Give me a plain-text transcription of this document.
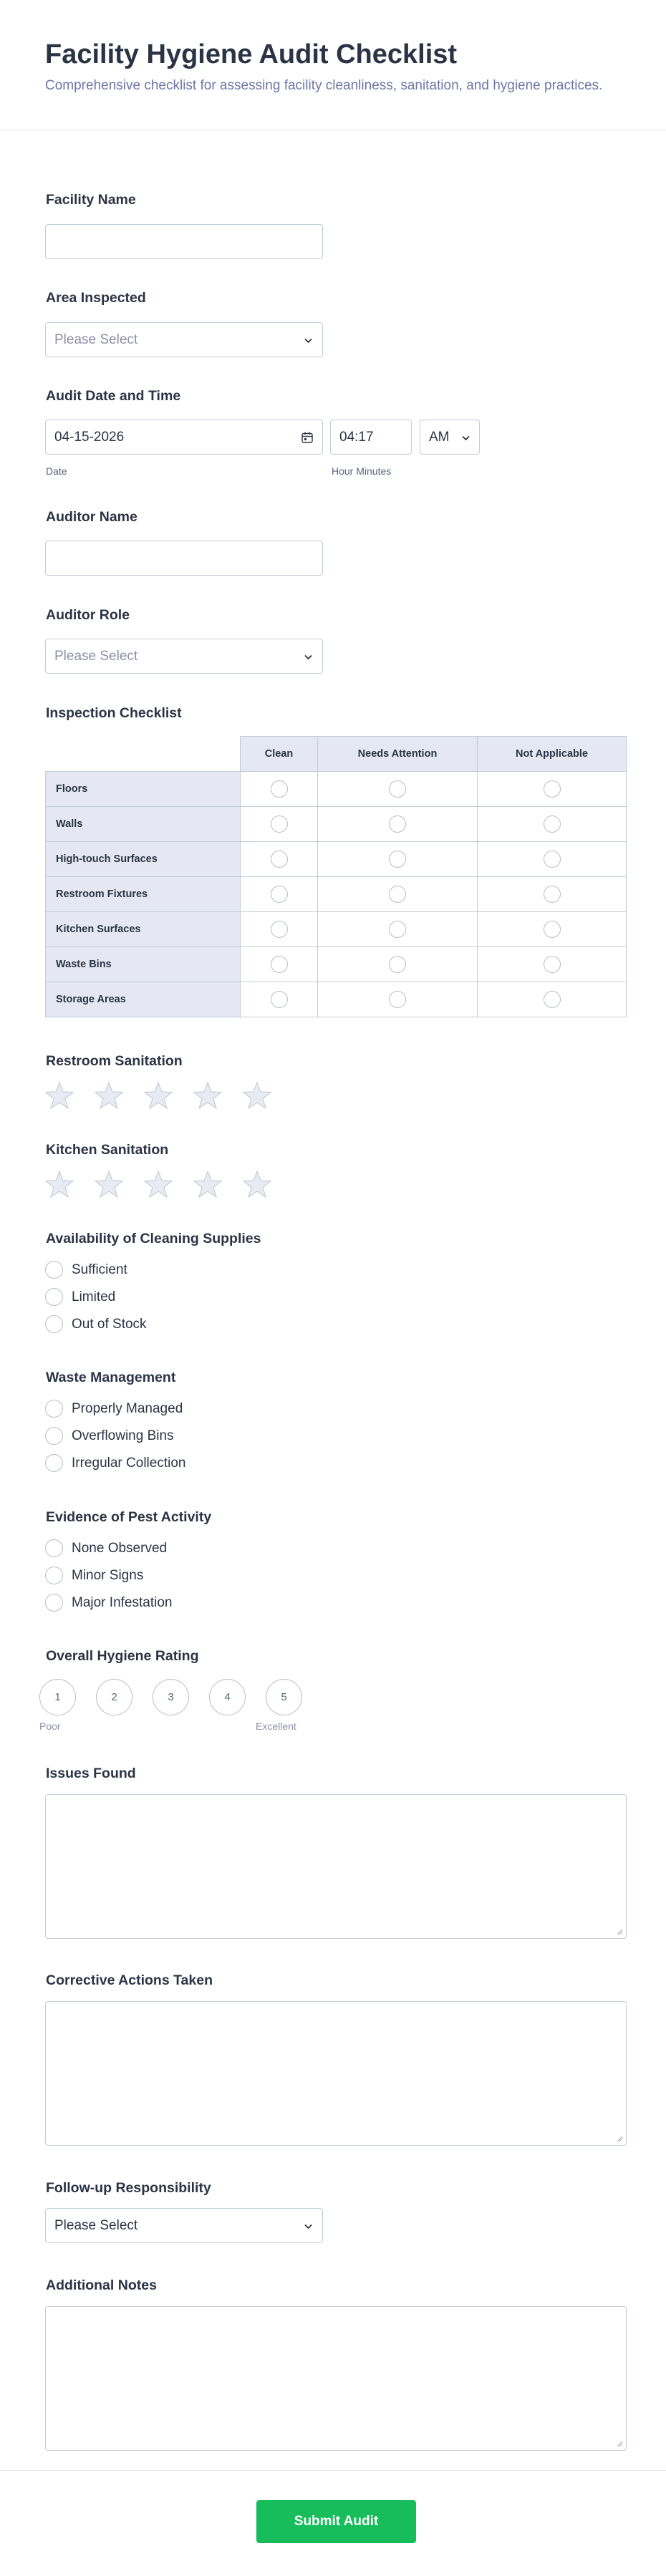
Facility Hygiene Audit Checklist

Comprehensive checklist for assessing facility cleanliness, sanitation, and hygiene practices.

Facility Name
Area Inspected
Please Select
Audit Date and Time
04-15-2026
Date
04:17
Hour Minutes
AM
Auditor Name
Auditor Role
Please Select
Inspection Checklist
	Clean	Needs Attention	Not Applicable
Floors			
Walls			
High-touch Surfaces			
Restroom Fixtures			
Kitchen Surfaces			
Waste Bins			
Storage Areas			
Restroom Sanitation
Kitchen Sanitation
Availability of Cleaning Supplies
Sufficient
Limited
Out of Stock
Waste Management
Properly Managed
Overflowing Bins
Irregular Collection
Evidence of Pest Activity
None Observed
Minor Signs
Major Infestation
Overall Hygiene Rating
1	2	3	4	5
Poor	Excellent
Issues Found
Corrective Actions Taken
Follow-up Responsibility
Please Select
Additional Notes
Submit Audit
